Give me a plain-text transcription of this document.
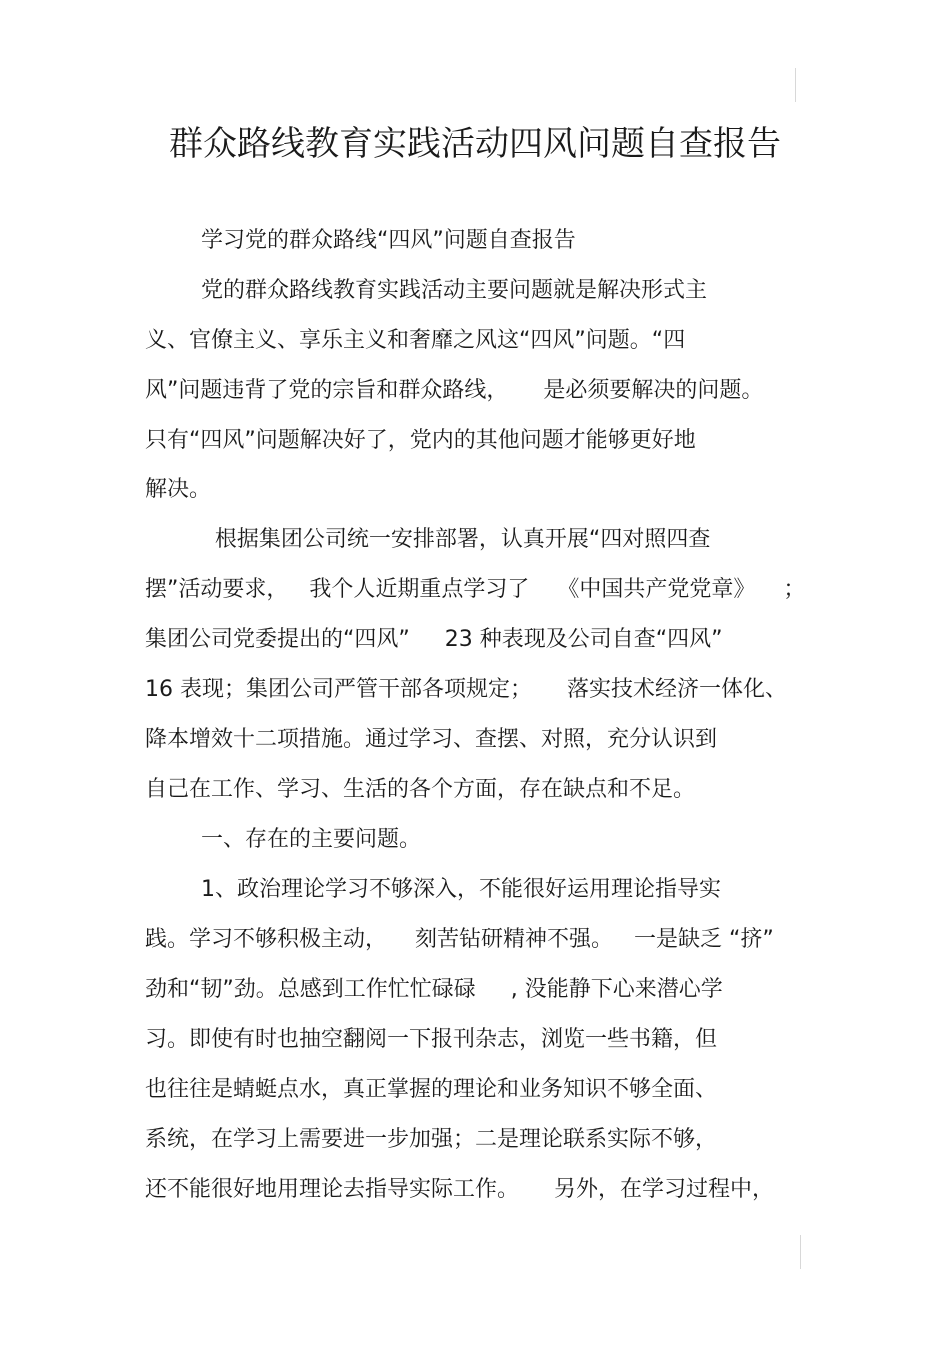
群众路线教育实践活动四风问题自查报告

学习党的群众路线“四风”问题自查报告

党的群众路线教育实践活动主要问题就是解决形式主

义、官僚主义、享乐主义和奢靡之风这“四风”问题。“四

风”问题违背了党的宗旨和群众路线，     是必须要解决的问题。

只有“四风”问题解决好了，党内的其他问题才能够更好地

解决。

根据集团公司统一安排部署，认真开展“四对照四查

摆”活动要求，   我个人近期重点学习了    《中国共产党党章》    ；

集团公司党委提出的“四风”     23 种表现及公司自查“四风”

16 表现；集团公司严管干部各项规定；     落实技术经济一体化、

降本增效十二项措施。通过学习、查摆、对照，充分认识到

自己在工作、学习、生活的各个方面，存在缺点和不足。

一、存在的主要问题。

1、政治理论学习不够深入，不能很好运用理论指导实

践。学习不够积极主动，    刻苦钻研精神不强。   一是缺乏 “挤”

劲和“韧”劲。总感到工作忙忙碌碌     , 没能静下心来潜心学

习。即使有时也抽空翻阅一下报刊杂志，浏览一些书籍，但

也往往是蜻蜓点水，真正掌握的理论和业务知识不够全面、

系统，在学习上需要进一步加强；二是理论联系实际不够，

还不能很好地用理论去指导实际工作。     另外，在学习过程中，
